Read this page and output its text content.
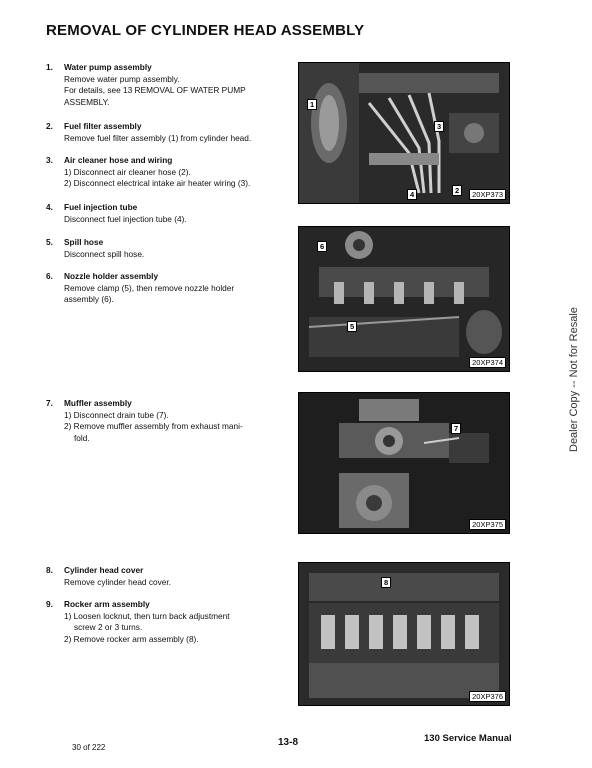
REMOVAL OF CYLINDER HEAD ASSEMBLY
1. Water pump assembly
Remove water pump assembly.
For details, see 13 REMOVAL OF WATER PUMP
ASSEMBLY.
2. Fuel filter assembly
Remove fuel filter assembly (1) from cylinder head.
3. Air cleaner hose and wiring
1) Disconnect air cleaner hose (2).
2) Disconnect electrical intake air heater wiring (3).
4. Fuel injection tube
Disconnect fuel injection tube (4).
5. Spill hose
Disconnect spill hose.
6. Nozzle holder assembly
Remove clamp (5), then remove nozzle holder
assembly (6).
7. Muffler assembly
1) Disconnect drain tube (7).
2) Remove muffler assembly from exhaust mani-
fold.
8. Cylinder head cover
Remove cylinder head cover.
9. Rocker arm assembly
1) Loosen locknut, then turn back adjustment
screw 2 or 3 turns.
2) Remove rocker arm assembly (8).
1
2
3
4	20XP373
6
5
20XP374
7
20XP375
8
20XP376
Dealer Copy -- Not for Resale
30 of 222	13-8	130 Service Manual
